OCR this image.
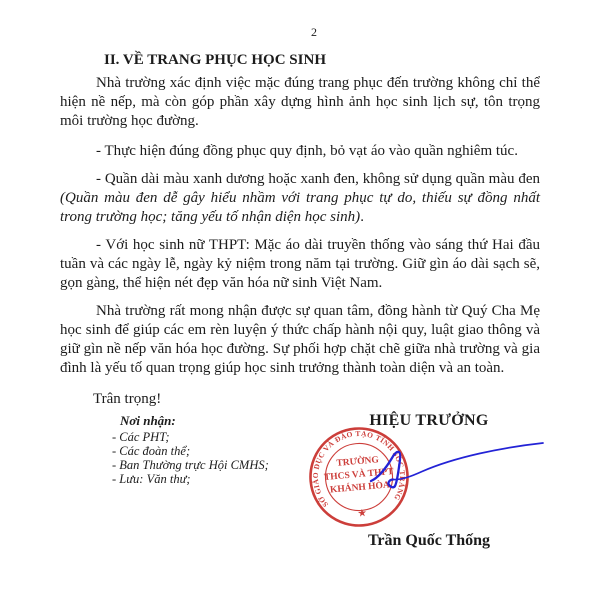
2
II. VỀ TRANG PHỤC HỌC SINH

Nhà trường xác định việc mặc đúng trang phục đến trường không chỉ thể hiện nề nếp, mà còn góp phần xây dựng hình ảnh học sinh lịch sự, tôn trọng môi trường học đường.

- Thực hiện đúng đồng phục quy định, bỏ vạt áo vào quần nghiêm túc.

- Quần dài màu xanh dương hoặc xanh đen, không sử dụng quần màu đen (Quần màu đen dễ gây hiểu nhầm với trang phục tự do, thiếu sự đồng nhất trong trường học; tăng yếu tố nhận diện học sinh).

- Với học sinh nữ THPT: Mặc áo dài truyền thống vào sáng thứ Hai đầu tuần và các ngày lễ, ngày kỷ niệm trong năm tại trường. Giữ gìn áo dài sạch sẽ, gọn gàng, thể hiện nét đẹp văn hóa nữ sinh Việt Nam.

Nhà trường rất mong nhận được sự quan tâm, đồng hành từ Quý Cha Mẹ học sinh để giúp các em rèn luyện ý thức chấp hành nội quy, luật giao thông và giữ gìn nề nếp văn hóa học đường. Sự phối hợp chặt chẽ giữa nhà trường và gia đình là yếu tố quan trọng giúp học sinh trưởng thành toàn diện và an toàn.

Trân trọng!

Nơi nhận:

- Các PHT;

- Các đoàn thể;

- Ban Thường trực Hội CMHS;

- Lưu: Văn thư;

HIỆU TRƯỞNG
SỞ GIÁO DỤC VÀ ĐÀO TẠO TỈNH SÓC TRĂNG
TRƯỜNG
THCS VÀ THPT
KHÁNH HÒA
★
Trần Quốc Thống
